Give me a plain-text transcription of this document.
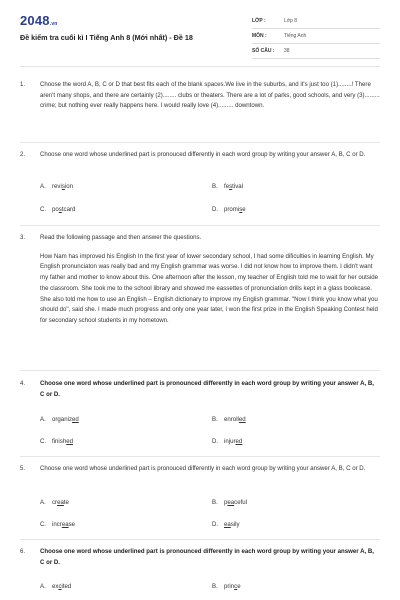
2048.vn
Đề kiểm tra cuối kì I Tiếng Anh 8 (Mới nhất) - Đề 18
LỚP :	Lớp 8
MÔN :	Tiếng Anh
SỐ CÂU :	38
1. Choose the word A, B, C or D that best fits each of the blank spaces.We live in the suburbs, and it's just too (1)........! There aren't many shops, and there are certainly (2)........ clubs or theaters. There are a lot of parks, good schools, and very (3)......... crime; but nothing ever really happens here. I would really love (4)......... downtown.
2. Choose one word whose underlined part is pronouced differently in each word group by writing your answer A, B, C or D.
A. revision	B. festival
C. postcard	D. promise
3. Read the following passage and then answer the questions.
How Nam has improved his English In the first year of lower secondary school, I had some dificulties in learning English. My English pronunciaton was really bad and my English grammar was worse. I did not know how to improve them. I didn't want my father and mother to know about this. One afternoon after the lesson, my teacher of English told me to wait for her outside the classroom. She took me to the school library and showed me eassettes of pronunciation drills kept in a glass bookcase. She also told me how to use an English – English dictionary to improve my English grammar. "Now I think you know what you should do", said she. I made much progress and only one year later, I won the first prize in the English Speaking Contest held for secondary school students in my hometown.
4. Choose one word whose underlined part is pronounced differently in each word group by writing your answer A, B, C or D.
A. organized	B. enrolled
C. finished	D. injured
5. Choose one word whose underlined part is pronouced differently in each word group by writing your answer A, B, C or D.
A. create	B. peaceful
C. increase	D. easily
6. Choose one word whose underlined part is pronounced differently in each word group by writing your answer A, B, C or D.
A. excited	B. prince
